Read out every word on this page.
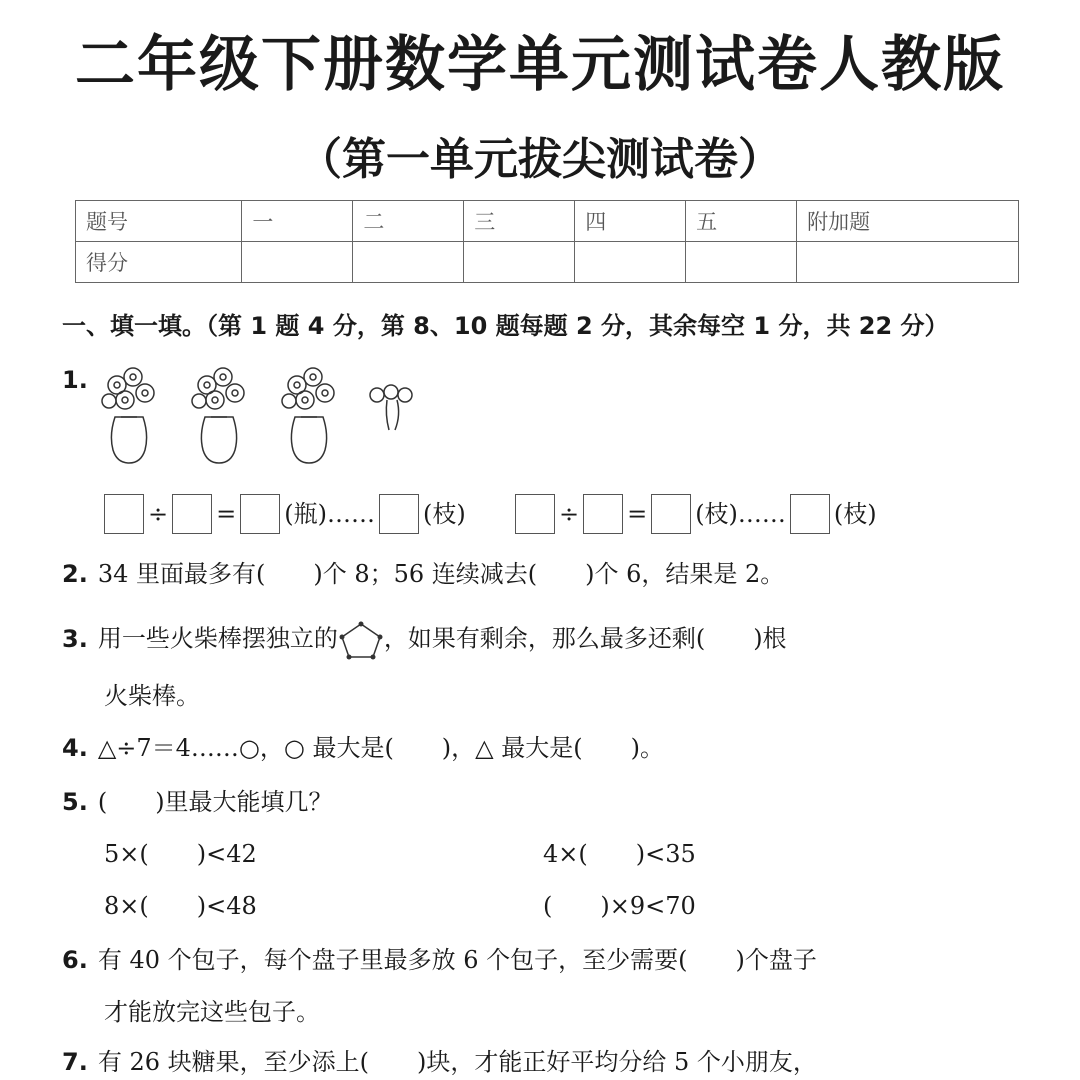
二年级下册数学单元测试卷人教版
（第一单元拔尖测试卷）
题号	一	二	三	四	五	附加题
得分						
一、填一填。（第 1 题 4 分，第 8、10 题每题 2 分，其余每空 1 分，共 22 分）
1.
÷ = (瓶)…… (枝)	÷ = (枝)…… (枝)
2. 34 里面最多有(　　)个 8；56 连续减去(　　)个 6，结果是 2。
3. 用一些火柴棒摆独立的 ，如果有剩余，那么最多还剩(　　)根
火柴棒。
4. △÷7＝4……○，○ 最大是(　　)，△ 最大是(　　)。
5. (　　)里最大能填几？
5×(　　)<42	4×(　　)<35
8×(　　)<48	(　　)×9<70
6. 有 40 个包子，每个盘子里最多放 6 个包子，至少需要(　　)个盘子
才能放完这些包子。
7. 有 26 块糖果，至少添上(　　)块，才能正好平均分给 5 个小朋友，
